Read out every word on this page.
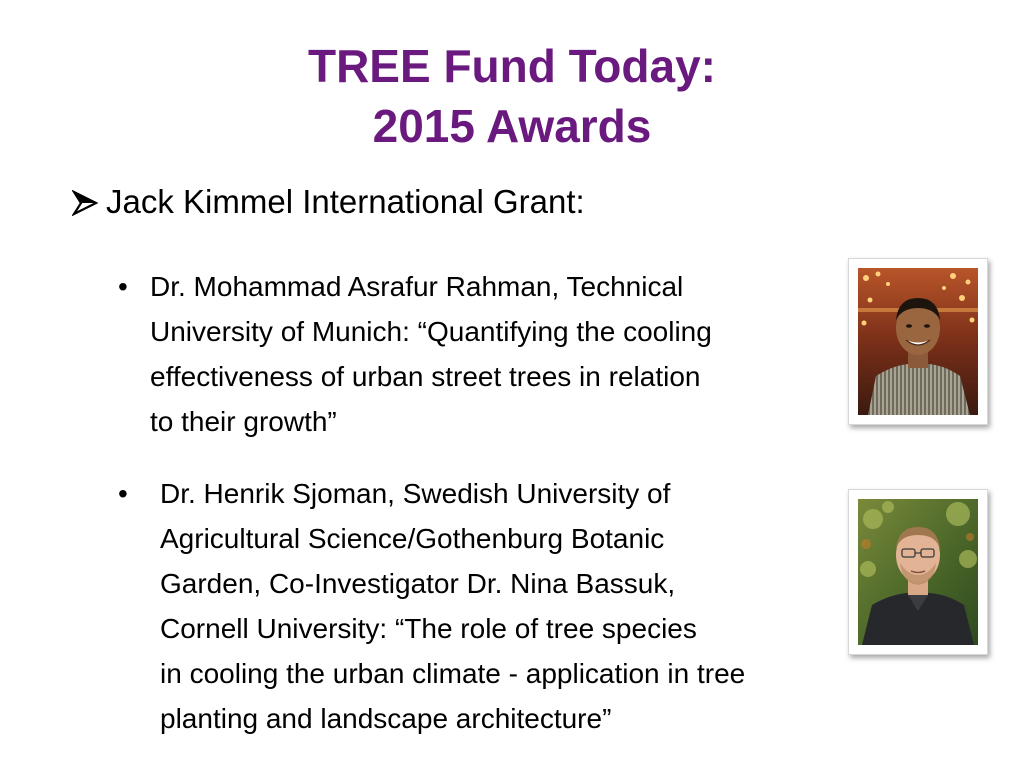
TREE Fund Today:
2015 Awards
Jack Kimmel International Grant:
• Dr. Mohammad Asrafur Rahman, Technical
University of Munich: “Quantifying the cooling
effectiveness of urban street trees in relation
to their growth”
•	Dr. Henrik Sjoman, Swedish University of
Agricultural Science/Gothenburg Botanic
Garden, Co-Investigator Dr. Nina Bassuk,
Cornell University: “The role of tree species
in cooling the urban climate - application in tree
planting and landscape architecture”
